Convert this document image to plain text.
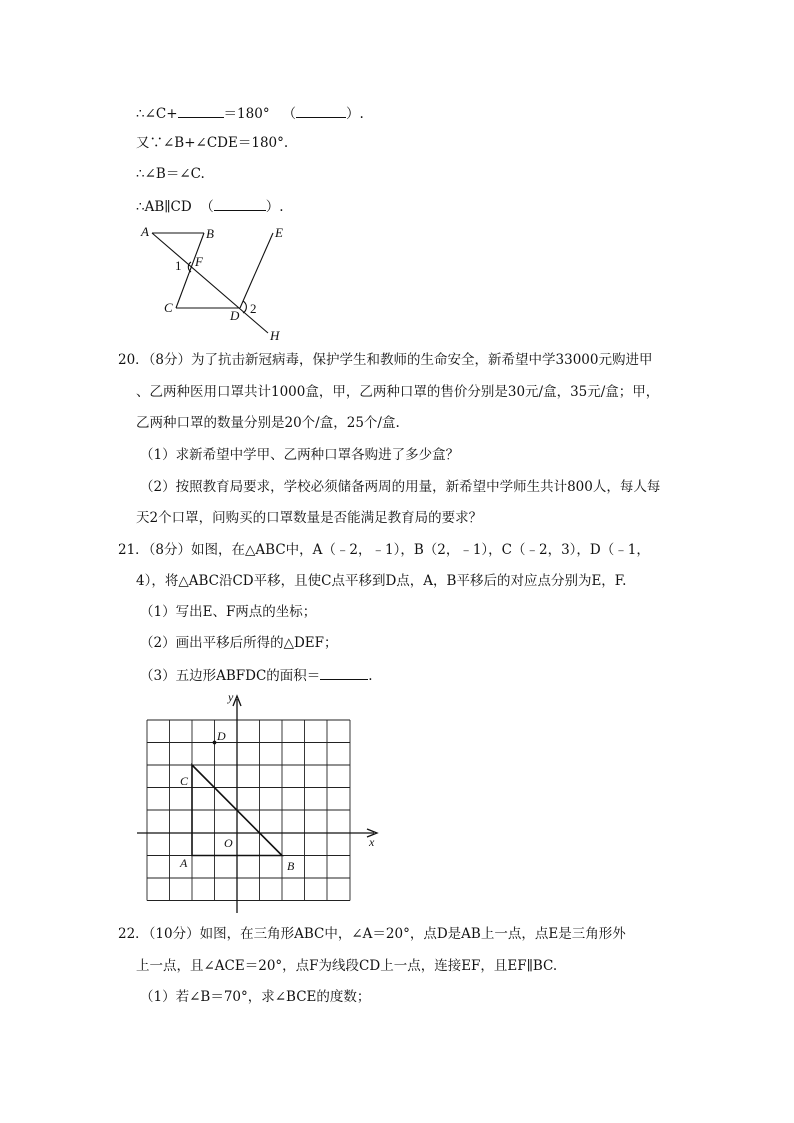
∴∠C+	＝180° （	）.
又∵∠B+∠CDE＝180°.
∴∠B＝∠C.
∴AB∥CD （	）.
A	B	E
F
C
D
H
1
2
20．（8分）为了抗击新冠病毒，保护学生和教师的生命安全，新希望中学33000元购进甲
、乙两种医用口罩共计1000盒，甲，乙两种口罩的售价分别是30元/盒，35元/盒；甲，
乙两种口罩的数量分别是20个/盒，25个/盒.
（1）求新希望中学甲、乙两种口罩各购进了多少盒？
（2）按照教育局要求，学校必须储备两周的用量，新希望中学师生共计800人，每人每
天2个口罩，问购买的口罩数量是否能满足教育局的要求？
21．（8分）如图，在△ABC中，A（﹣2，﹣1），B（2，﹣1），C（﹣2，3），D（﹣1，
4），将△ABC沿CD平移，且使C点平移到D点，A，B平移后的对应点分别为E，F.
（1）写出E、F两点的坐标；
（2）画出平移后所得的△DEF；
（3）五边形ABFDC的面积＝	.
x
y
O
A	B
C
D
22．（10分）如图，在三角形ABC中，∠A＝20°，点D是AB上一点，点E是三角形外
上一点，且∠ACE＝20°，点F为线段CD上一点，连接EF，且EF∥BC.
（1）若∠B＝70°，求∠BCE的度数；
